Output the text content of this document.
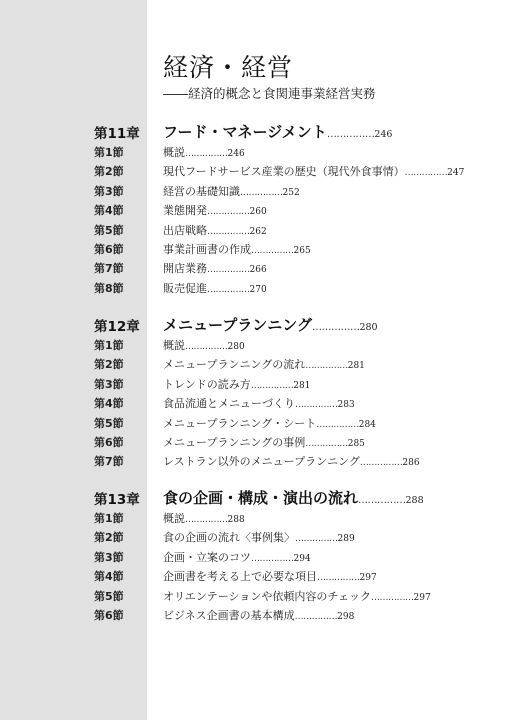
経済・経営
――経済的概念と食関連事業経営実務
第11章 フード・マネージメント……………246
第1節	概説……………246
第2節	現代フードサービス産業の歴史（現代外食事情）……………247
第3節	経営の基礎知識……………252
第4節	業態開発……………260
第5節	出店戦略……………262
第6節	事業計画書の作成……………265
第7節	開店業務……………266
第8節	販売促進……………270
第12章 メニュープランニング……………280
第1節	概説……………280
第2節	メニュープランニングの流れ……………281
第3節	トレンドの読み方……………281
第4節	食品流通とメニューづくり……………283
第5節	メニュープランニング・シート……………284
第6節	メニュープランニングの事例……………285
第7節	レストラン以外のメニュープランニング……………286
第13章 食の企画・構成・演出の流れ……………288
第1節	概説……………288
第2節	食の企画の流れ〈事例集〉……………289
第3節	企画・立案のコツ……………294
第4節	企画書を考える上で必要な項目……………297
第5節	オリエンテーションや依頼内容のチェック……………297
第6節	ビジネス企画書の基本構成……………298
